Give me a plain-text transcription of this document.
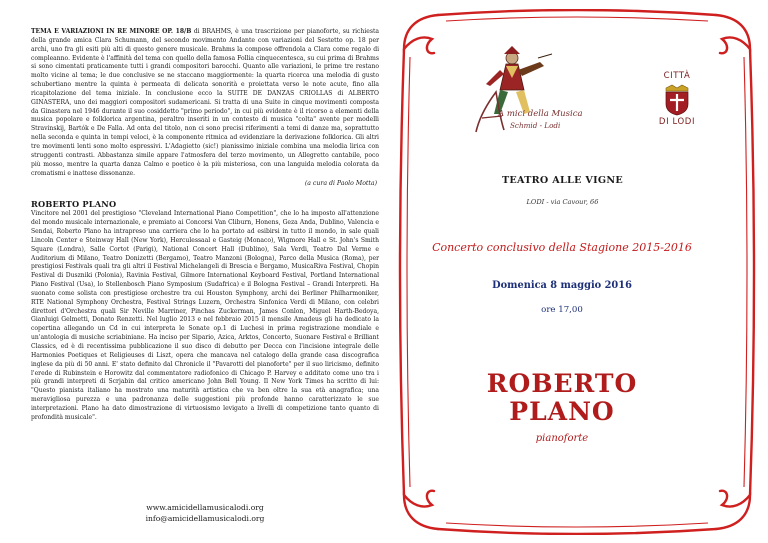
TEMA E VARIAZIONI IN RE MINORE OP. 18/B di BRAHMS, è una trascrizione per pianoforte, su richiesta della grande amica Clara Schumann, del secondo movimento Andante con variazioni del Sestetto op. 18 per archi, uno fra gli esiti più alti di questo genere musicale. Brahms la compose offrendola a Clara come regalo di compleanno. Evidente è l'affinità del tema con quello della famosa Follia cinquecentesca, su cui prima di Brahms si sono cimentati praticamente tutti i grandi compositori barocchi. Quanto alle variazioni, le prime tre restano molto vicine al tema; le due conclusive se ne staccano maggiormente: la quarta ricerca una melodia di gusto schubertiano mentre la quinta è permeata di delicata sonorità e proiettata verso le note acute, fino alla ricapitolazione del tema iniziale. In conclusione ecco la SUITE DE DANZAS CRIOLLAS di ALBERTO GINASTERA, uno dei maggiori compositori sudamericani. Si tratta di una Suite in cinque movimenti composta da Ginastera nel 1946 durante il suo cosiddetto "primo periodo", in cui più evidente è il ricorso a elementi della musica popolare e folklorica argentina, peraltro inseriti in un contesto di musica "colta" avente per modelli Stravinskij, Bartók e De Falla. Ad onta del titolo, non ci sono precisi riferimenti a temi di danze ma, soprattutto nella seconda e quinta in tempi veloci, è la componente ritmica ad evidenziare la derivazione folklorica. Gli altri tre movimenti lenti sono molto espressivi. L'Adagietto (sic!) pianissimo iniziale combina una melodia lirica con struggenti contrasti. Abbastanza simile appare l'atmosfera del terzo movimento, un Allegretto cantabile, poco più mosso, mentre la quarta danza Calmo e poetico è la più misteriosa, con una languida melodia colorata da cromatismi e inattese dissonanze.

(a cura di Paolo Motta)
ROBERTO PLANO

Vincitore nel 2001 del prestigioso "Cleveland International Piano Competition", che lo ha imposto all'attenzione del mondo musicale internazionale, e premiato ai Concorsi Van Cliburn, Honens, Geza Anda, Dublino, Valencia e Sendai, Roberto Plano ha intrapreso una carriera che lo ha portato ad esibirsi in tutto il mondo, in sale quali Lincoln Center e Steinway Hall (New York), Herculessaal e Gasteig (Monaco), Wigmore Hall e St. John's Smith Square (Londra), Salle Cortot (Parigi), National Concert Hall (Dublino), Sala Verdi, Teatro Dal Verme e Auditorium di Milano, Teatro Donizetti (Bergamo), Teatro Manzoni (Bologna), Parco della Musica (Roma), per prestigiosi Festivals quali tra gli altri il Festival Michelangeli di Brescia e Bergamo, MusicaRiva Festival, Chopin Festival di Duszniki (Polonia), Ravinia Festival, Gilmore International Keyboard Festival, Portland International Piano Festival (Usa), lo Stellenbosch Piano Symposium (Sudafrica) e il Bologna Festival – Grandi Interpreti. Ha suonato come solista con prestigiose orchestre tra cui Houston Symphony, archi dei Berliner Philharmoniker, RTE National Symphony Orchestra, Festival Strings Luzern, Orchestra Sinfonica Verdi di Milano, con celebri direttori d'Orchestra quali Sir Neville Marriner, Pinchas Zuckerman, James Conlon, Miguel Harth-Bedoya, Gianluigi Gelmetti, Donato Renzetti. Nel luglio 2013 e nel febbraio 2015 il mensile Amadeus gli ha dedicato la copertina allegando un Cd in cui interpreta le Sonate op.1 di Luchesi in prima registrazione mondiale e un'antologia di musiche scriabiniane. Ha inciso per Sipario, Azica, Arktos, Concerto, Suonare Festival e Brilliant Classics, ed è di recentissima pubblicazione il suo disco di debutto per Decca con l'incisione integrale delle Harmonies Poetiques et Religieuses di Liszt, opera che mancava nel catalogo della grande casa discografica inglese da più di 50 anni. E' stato definito dal Chronicle il "Pavarotti del pianoforte" per il suo liricismo, definito l'erede di Rubinstein e Horowitz dal commentatore radiofonico di Chicago P. Harvey e additato come uno tra i più grandi interpreti di Scrjabin dal critico americano John Bell Young. Il New York Times ha scritto di lui: "Questo pianista italiano ha mostrato una maturità artistica che va ben oltre la sua età anagrafica; una meravigliosa purezza e una padronanza delle suggestioni più profonde hanno caratterizzato le sue interpretazioni. Plano ha dato dimostrazione di virtuosismo levigato a livelli di competizione tanto quanto di profondità musicale".

www.amicidellamusicalodi.org
info@amicidellamusicalodi.org
A mici della Musica
Schmid - Lodi
CITTÀ
DI LODI
TEATRO ALLE VIGNE
LODI - via Cavour, 66
Concerto conclusivo della Stagione 2015-2016
Domenica 8 maggio 2016
ore 17,00
ROBERTO
PLANO
pianoforte
